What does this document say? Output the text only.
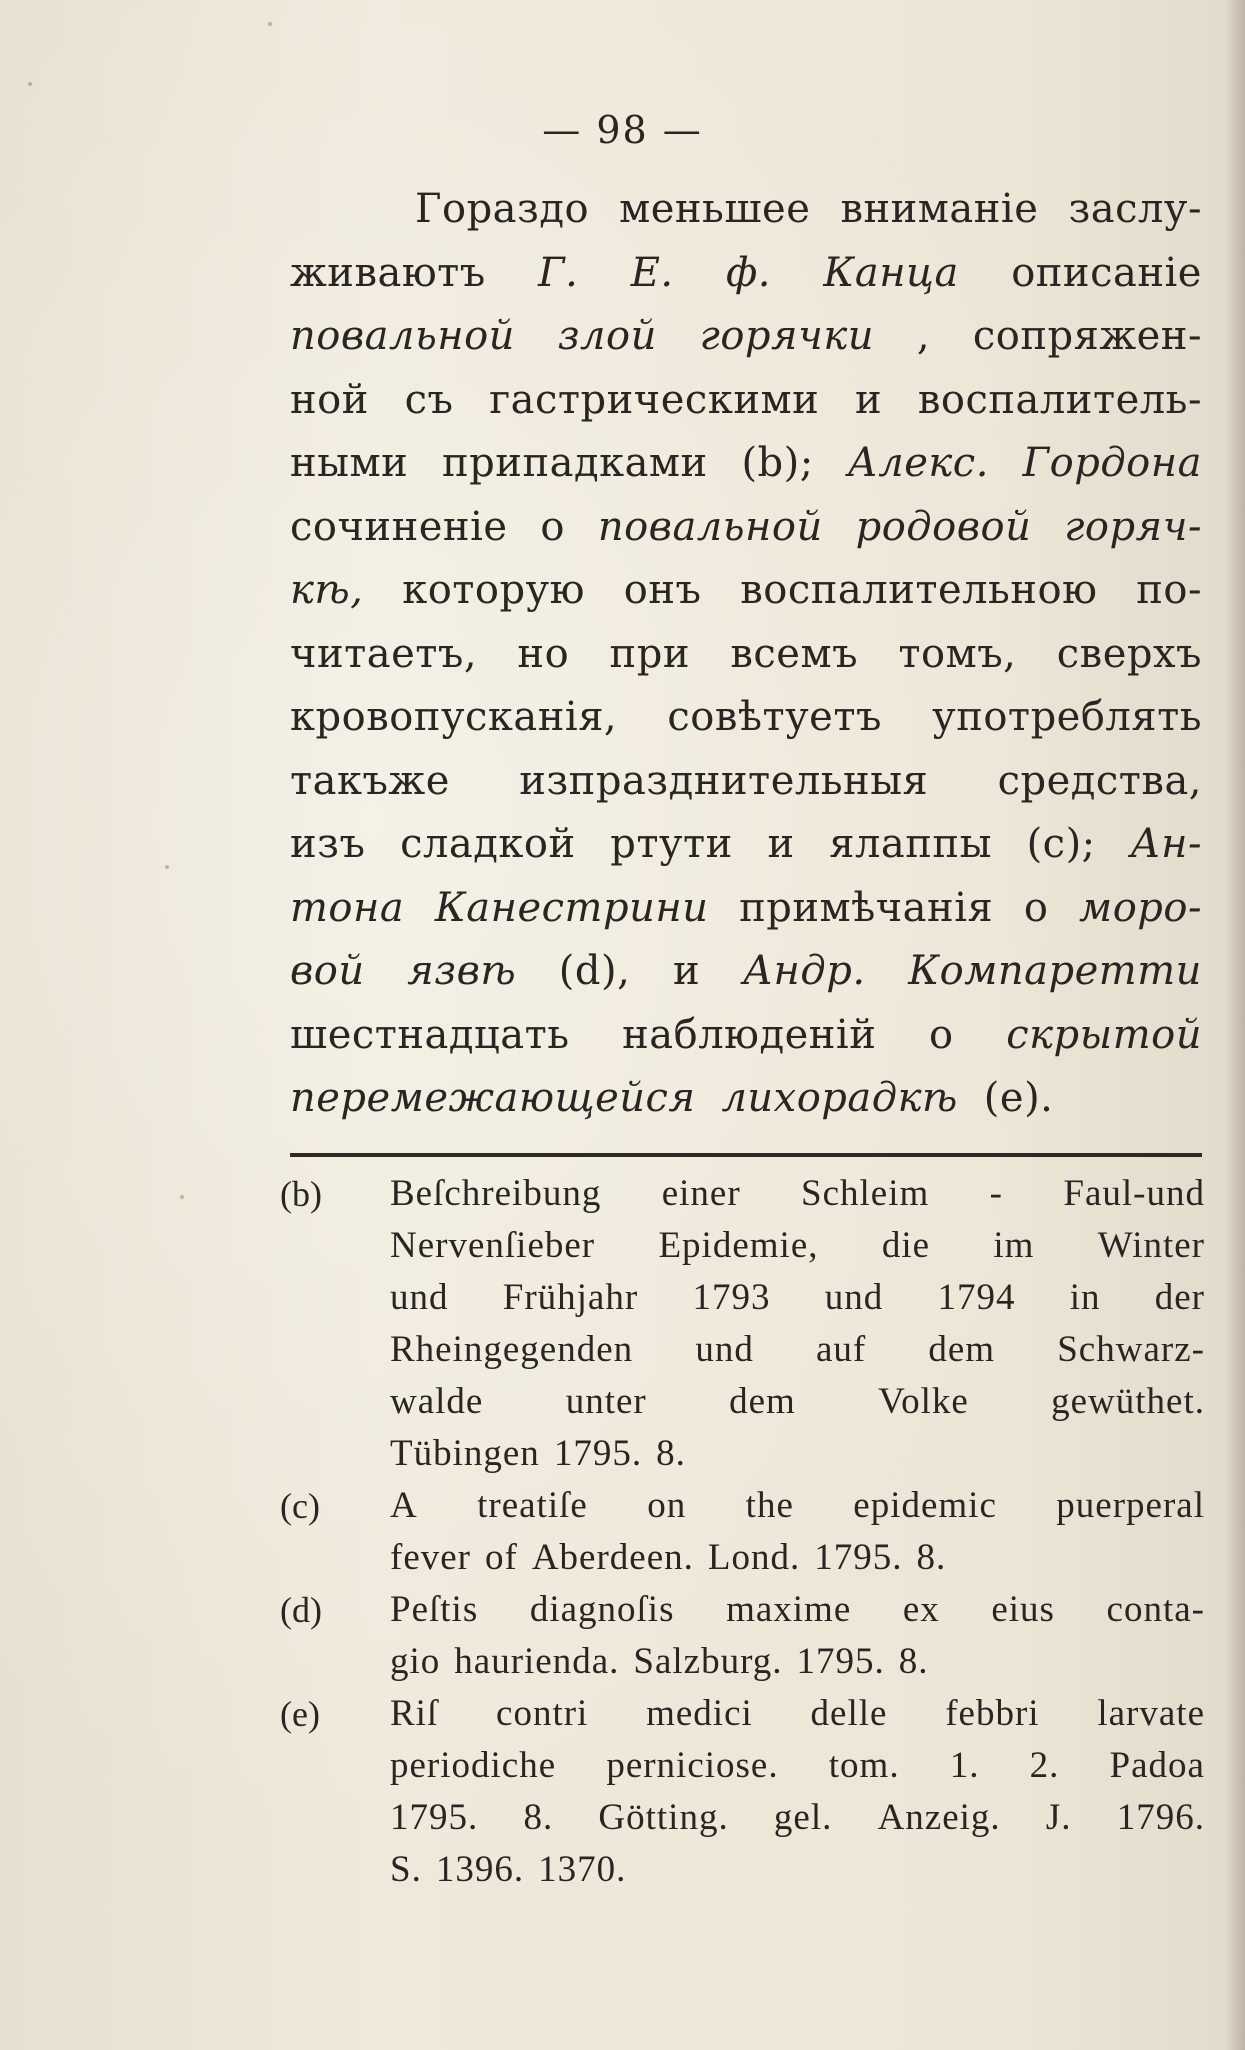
— 98 —
Гораздо меньшее вниманіе заслу-
живаютъ Г. Е. ф. Канца описаніе
повальной злой горячки , сопряжен-
ной съ гастрическими и воспалитель-
ными припадками (b); Алекс. Гордона
сочиненіе о повальной родовой горяч-
кѣ, которую онъ воспалительною по-
читаетъ, но при всемъ томъ, сверхъ
кровопусканія, совѣтуетъ употреблять
такъже изпразднительныя средства,
изъ сладкой ртути и ялаппы (c); Ан-
тона Канестрини примѣчанія о моро-
вой язвѣ (d), и Андр. Компаретти
шестнадцать наблюденій о скрытой
перемежающейся лихорадкѣ (e).
(b) Beſchreibung einer Schleim - Faul-und
Nervenſieber Epidemie, die im Winter
und Frühjahr 1793 und 1794 in der
Rheingegenden und auf dem Schwarz-
walde unter dem Volke gewüthet.
Tübingen 1795. 8.
(c) A treatiſe on the epidemic puerperal
fever of Aberdeen. Lond. 1795. 8.
(d) Peſtis diagnoſis maxime ex eius conta-
gio haurienda. Salzburg. 1795. 8.
(e) Riſ contri medici delle febbri larvate
periodiche perniciose. tom. 1. 2. Padoa
1795. 8. Götting. gel. Anzeig. J. 1796.
S. 1396. 1370.
